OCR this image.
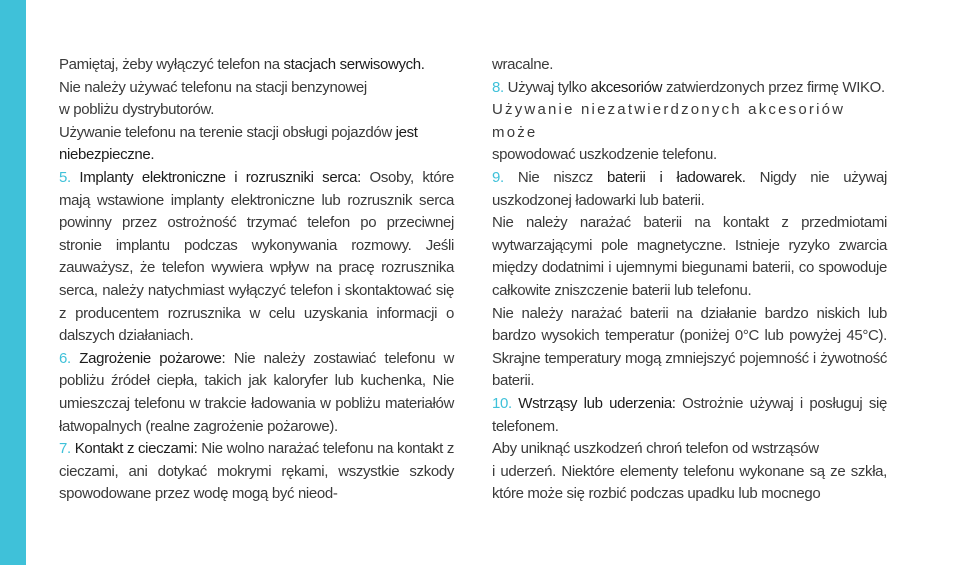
Pamiętaj, żeby wyłączyć telefon na stacjach serwisowych.

Nie należy używać telefonu na stacji benzynowej

w pobliżu dystrybutorów.

Używanie telefonu na terenie stacji obsługi pojazdów jest

niebezpieczne.

5. Implanty elektroniczne i rozruszniki serca: Osoby, które mają wstawione implanty elektroniczne lub rozrusznik serca powinny przez ostrożność trzymać telefon po przeciwnej stronie implantu podczas wykonywania rozmowy. Jeśli zauważysz, że telefon wywiera wpływ na pracę rozrusznika serca, należy natychmiast wyłączyć telefon i skontaktować się z producentem rozrusznika w celu uzyskania informacji o dalszych działaniach.

6. Zagrożenie pożarowe: Nie należy zostawiać telefonu w pobliżu źródeł ciepła, takich jak kaloryfer lub kuchenka, Nie umieszczaj telefonu w trakcie ładowania w pobliżu materiałów łatwopalnych (realne zagrożenie pożarowe).

7. Kontakt z cieczami: Nie wolno narażać telefonu na kontakt z cieczami, ani dotykać mokrymi rękami, wszystkie szkody spowodowane przez wodę mogą być nieod-

wracalne.

8. Używaj tylko akcesoriów zatwierdzonych przez firmę WIKO.

Używanie niezatwierdzonych akcesoriów może

spowodować uszkodzenie telefonu.

9. Nie niszcz baterii i ładowarek. Nigdy nie używaj uszkodzonej ładowarki lub baterii.

Nie należy narażać baterii na kontakt z przedmiotami wytwarzającymi pole magnetyczne. Istnieje ryzyko zwarcia między dodatnimi i ujemnymi biegunami baterii, co spowoduje całkowite zniszczenie baterii lub telefonu.

Nie należy narażać baterii na działanie bardzo niskich lub bardzo wysokich temperatur (poniżej 0°C lub powyżej 45°C). Skrajne temperatury mogą zmniejszyć pojemność i żywotność baterii.

10. Wstrząsy lub uderzenia: Ostrożnie używaj i posługuj się telefonem.

Aby uniknąć uszkodzeń chroń telefon od wstrząsów

i uderzeń. Niektóre elementy telefonu wykonane są ze szkła, które może się rozbić podczas upadku lub mocnego
